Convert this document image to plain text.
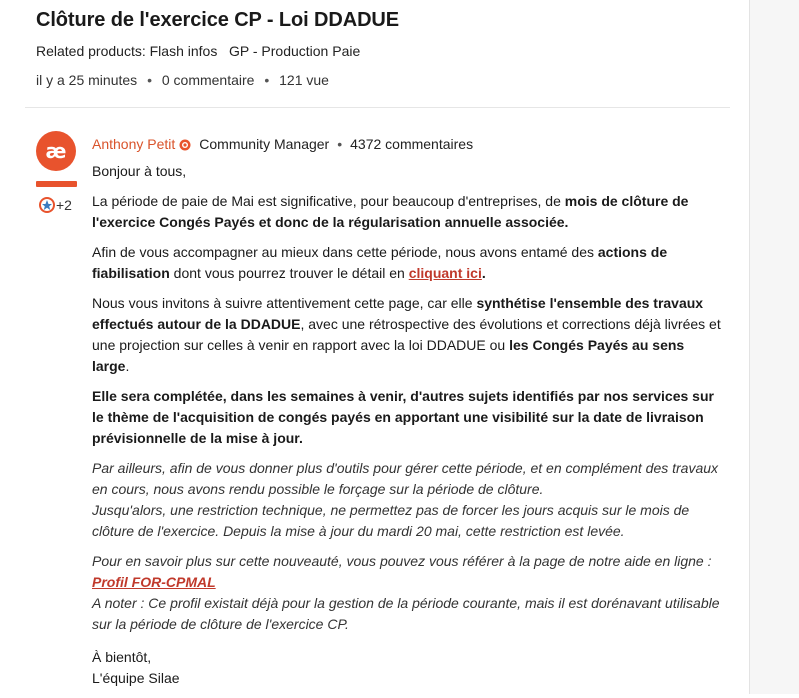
Clôture de l'exercice CP - Loi DDADUE
Related products: Flash infos GP - Production Paie
il y a 25 minutes • 0 commentaire • 121 vue
æ
+2
Anthony Petit Community Manager • 4372 commentaires

Bonjour à tous,

La période de paie de Mai est significative, pour beaucoup d'entreprises, de mois de clôture de l'exercice Congés Payés et donc de la régularisation annuelle associée.

Afin de vous accompagner au mieux dans cette période, nous avons entamé des actions de fiabilisation dont vous pourrez trouver le détail en cliquant ici.

Nous vous invitons à suivre attentivement cette page, car elle synthétise l'ensemble des travaux effectués autour de la DDADUE, avec une rétrospective des évolutions et corrections déjà livrées et une projection sur celles à venir en rapport avec la loi DDADUE ou les Congés Payés au sens large.

Elle sera complétée, dans les semaines à venir, d'autres sujets identifiés par nos services sur le thème de l'acquisition de congés payés en apportant une visibilité sur la date de livraison prévisionnelle de la mise à jour.

Par ailleurs, afin de vous donner plus d'outils pour gérer cette période, et en complément des travaux en cours, nous avons rendu possible le forçage sur la période de clôture.
Jusqu'alors, une restriction technique, ne permettez pas de forcer les jours acquis sur le mois de clôture de l'exercice. Depuis la mise à jour du mardi 20 mai, cette restriction est levée.

Pour en savoir plus sur cette nouveauté, vous pouvez vous référer à la page de notre aide en ligne :
Profil FOR-CPMAL
A noter : Ce profil existait déjà pour la gestion de la période courante, mais il est dorénavant utilisable sur la période de clôture de l'exercice CP.

À bientôt,
L'équipe Silae
